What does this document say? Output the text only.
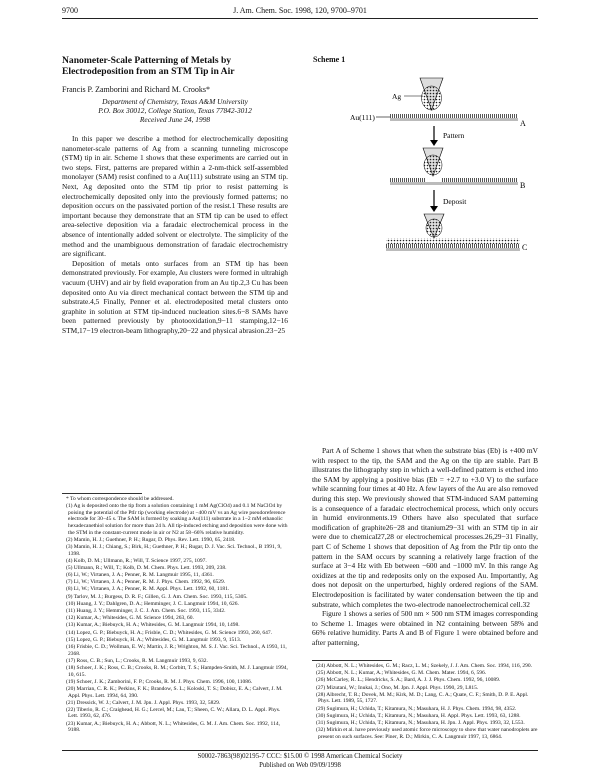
9700	J. Am. Chem. Soc. 1998, 120, 9700–9701
Nanometer-Scale Patterning of Metals by Electrodeposition from an STM Tip in Air
Francis P. Zamborini and Richard M. Crooks*
Department of Chemistry, Texas A&M University
P.O. Box 30012, College Station, Texas 77842-3012
Received June 24, 1998

In this paper we describe a method for electrochemically depositing nanometer-scale patterns of Ag from a scanning tunneling microscope (STM) tip in air. Scheme 1 shows that these experiments are carried out in two steps. First, patterns are prepared within a 2-nm-thick self-assembled monolayer (SAM) resist confined to a Au(111) substrate using an STM tip. Next, Ag deposited onto the STM tip prior to resist patterning is electrochemically deposited only into the previously formed patterns; no deposition occurs on the passivated portion of the resist.1 These results are important because they demonstrate that an STM tip can be used to effect area-selective deposition via a faradaic electrochemical process in the absence of intentionally added solvent or electrolyte. The simplicity of the method and the unambiguous demonstration of faradaic electrochemistry are significant.

Deposition of metals onto surfaces from an STM tip has been demonstrated previously. For example, Au clusters were formed in ultrahigh vacuum (UHV) and air by field evaporation from an Au tip.2,3 Cu has been deposited onto Au via direct mechanical contact between the STM tip and substrate.4,5 Finally, Penner et al. electrodeposited metal clusters onto graphite in solution at STM tip-induced nucleation sites.6−8 SAMs have been patterned previously by photooxidation,9−11 stamping,12−16 STM,17−19 electron-beam lithography,20−22 and physical abrasion.23−25

* To whom correspondence should be addressed.

(1) Ag is deposited onto the tip from a solution containing 1 mM Ag(ClO4) and 0.1 M NaClO4 by poising the potential of the PtIr tip (working electrode) at −400 mV vs an Ag wire pseudoreference electrode for 30−45 s. The SAM is formed by soaking a Au(111) substrate in a 1−2 mM ethanolic hexadecanethiol solution for more than 24 h. All tip-induced etching and deposition were done with the STM in the constant-current mode in air or N2 at 58−66% relative humidity.

(2) Mamin, H. J.; Guethner, P. H.; Rugar, D. Phys. Rev. Lett. 1990, 65, 2418.

(3) Mamin, H. J.; Chiang, S.; Birk, H.; Guethner, P. H.; Rugar, D. J. Vac. Sci. Technol., B 1991, 9, 1398.

(4) Kolb, D. M.; Ullmann, R.; Will, T. Science 1997, 275, 1097.

(5) Ullmann, R.; Will, T.; Kolb, D. M. Chem. Phys. Lett. 1993, 209, 238.

(6) Li, W.; Virtanen, J. A.; Penner, R. M. Langmuir 1995, 11, 4361.

(7) Li, W.; Virtanen, J. A.; Penner, R. M. J. Phys. Chem. 1992, 96, 6529.

(8) Li, W.; Virtanen, J. A.; Penner, R. M. Appl. Phys. Lett. 1992, 60, 1181.

(9) Tarlov, M. J.; Burgess, D. R. F.; Gillen, G. J. Am. Chem. Soc. 1993, 115, 5305.

(10) Huang, J. Y.; Dahlgren, D. A.; Hemminger, J. C. Langmuir 1994, 10, 626.

(11) Huang, J. Y.; Hemminger, J. C. J. Am. Chem. Soc. 1993, 115, 3342.

(12) Kumar, A.; Whitesides, G. M. Science 1994, 263, 60.

(13) Kumar, A.; Biebuyck, H. A.; Whitesides, G. M. Langmuir 1994, 10, 1498.

(14) Lopez, G. P.; Biebuyck, H. A.; Frisbie, C. D.; Whitesides, G. M. Science 1993, 260, 647.

(15) Lopez, G. P.; Biebuyck, H. A.; Whitesides, G. M. Langmuir 1993, 9, 1513.

(16) Frisbie, C. D.; Wollman, E. W.; Martin, J. R.; Wrighton, M. S. J. Vac. Sci. Technol., A 1993, 11, 2368.

(17) Ross, C. B.; Sun, L.; Crooks, R. M. Langmuir 1993, 9, 632.

(18) Schoer, J. K.; Ross, C. B.; Crooks, R. M.; Corbitt, T. S.; Hampden-Smith, M. J. Langmuir 1994, 10, 615.

(19) Schoer, J. K.; Zamborini, F. P.; Crooks, R. M. J. Phys. Chem. 1996, 100, 11086.

(20) Marrian, C. R. K.; Perkins, F. K.; Brandow, S. L.; Koloski, T. S.; Dobisz, E. A.; Calvert, J. M. Appl. Phys. Lett. 1994, 64, 390.

(21) Dressick, W. J.; Calvert, J. M. Jpn. J. Appl. Phys. 1993, 32, 5829.

(22) Tiberio, R. C.; Craighead, H. G.; Lercel, M.; Lau, T.; Sheen, C. W.; Allara, D. L. Appl. Phys. Lett. 1993, 62, 476.

(23) Kumar, A.; Biebuyck, H. A.; Abbott, N. L.; Whitesides, G. M. J. Am. Chem. Soc. 1992, 114, 9188.

Scheme 1
Ag
Au(111)
A
Pattern
B
Deposit
C

Part A of Scheme 1 shows that when the substrate bias (Eb) is +400 mV with respect to the tip, the SAM and the Ag on the tip are stable. Part B illustrates the lithography step in which a well-defined pattern is etched into the SAM by applying a positive bias (Eb = +2.7 to +3.0 V) to the surface while scanning four times at 40 Hz. A few layers of the Au are also removed during this step. We previously showed that STM-induced SAM patterning is a consequence of a faradaic electrochemical process, which only occurs in humid environments.19 Others have also speculated that surface modification of graphite26−28 and titanium29−31 with an STM tip in air were due to chemical27,28 or electrochemical processes.26,29−31 Finally, part C of Scheme 1 shows that deposition of Ag from the PtIr tip onto the pattern in the SAM occurs by scanning a relatively large fraction of the surface at 3−4 Hz with Eb between −600 and −1000 mV. In this range Ag oxidizes at the tip and redeposits only on the exposed Au. Importantly, Ag does not deposit on the unperturbed, highly ordered regions of the SAM. Electrodeposition is facilitated by water condensation between the tip and substrate, which completes the two-electrode nanoelectrochemical cell.32

Figure 1 shows a series of 500 nm × 500 nm STM images corresponding to Scheme 1. Images were obtained in N2 containing between 58% and 66% relative humidity. Parts A and B of Figure 1 were obtained before and after patterning,

(24) Abbott, N. L.; Whitesides, G. M.; Racz, L. M.; Szekely, J. J. Am. Chem. Soc. 1994, 116, 290.

(25) Abbott, N. L.; Kumar, A.; Whitesides, G. M. Chem. Mater. 1994, 6, 596.

(26) McCarley, R. L.; Hendricks, S. A.; Bard, A. J. J. Phys. Chem. 1992, 96, 10089.

(27) Mizutani, W.; Inukai, J.; Ono, M. Jpn. J. Appl. Phys. 1990, 29, L815.

(28) Albrecht, T. R.; Dovek, M. M.; Kirk, M. D.; Lang, C. A.; Quate, C. F.; Smith, D. P. E. Appl. Phys. Lett. 1989, 55, 1727.

(29) Sugimura, H.; Uchida, T.; Kitamura, N.; Masuhara, H. J. Phys. Chem. 1994, 98, 4352.

(30) Sugimura, H.; Uchida, T.; Kitamura, N.; Masuhara, H. Appl. Phys. Lett. 1993, 63, 1288.

(31) Sugimura, H.; Uchida, T.; Kitamura, N.; Masuhara, H. Jpn. J. Appl. Phys. 1993, 32, L553.

(32) Mirkin et al. have previously used atomic force microscopy to show that water nanodroplets are present on such surfaces. See: Piner, R. D.; Mirkin, C. A. Langmuir 1997, 13, 6864.

S0002-7863(98)02195-7 CCC: $15.00 © 1998 American Chemical Society
Published on Web 09/09/1998
